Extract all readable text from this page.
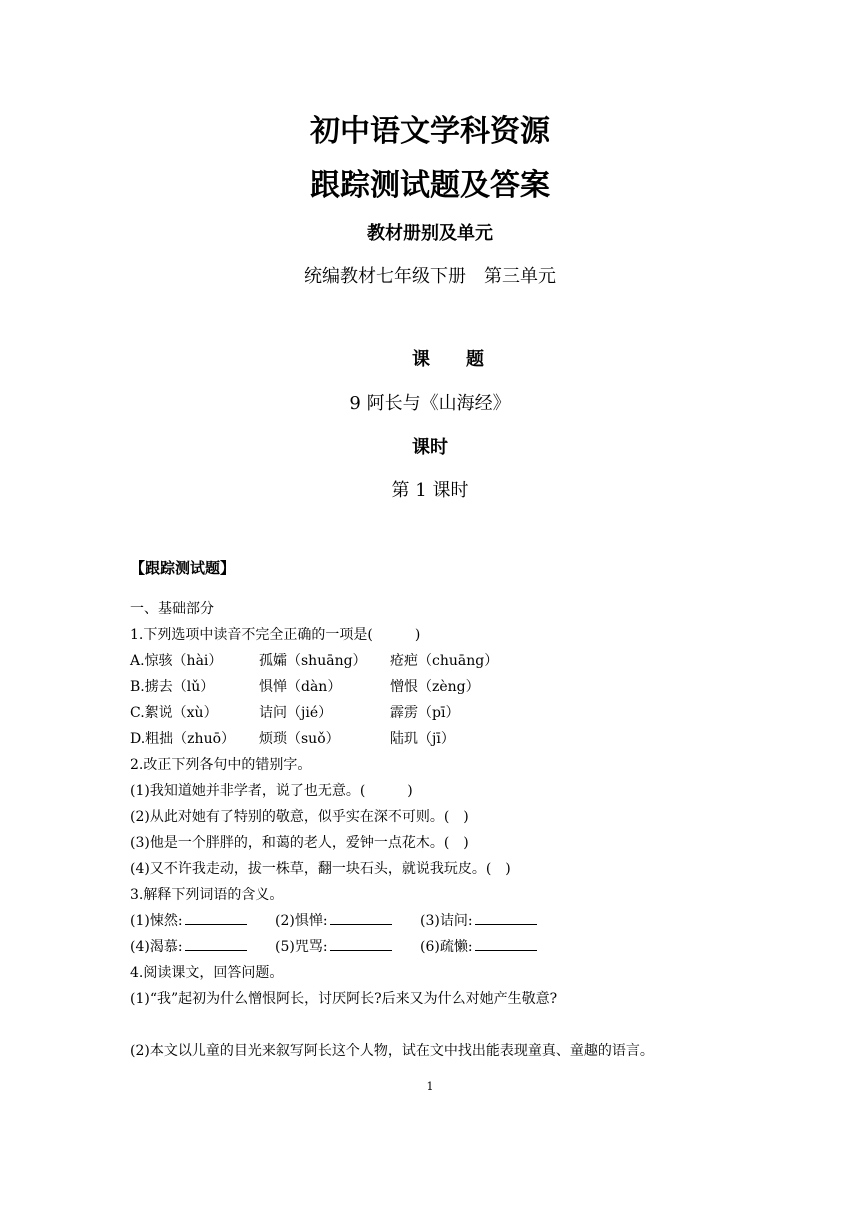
初中语文学科资源
跟踪测试题及答案
教材册别及单元
统编教材七年级下册　第三单元
课题
9 阿长与《山海经》
课时
第 1 课时
【跟踪测试题】
一、基础部分
1.下列选项中读音不完全正确的一项是(　　　)
A.惊骇（hài）	孤孀（shuāng） 疮疤（chuāng）
B.掳去（lǔ）	惧惮（dàn）	憎恨（zèng）
C.絮说（xù）	诘问（jié）	霹雳（pī）
D.粗拙（zhuō） 烦琐（suǒ）	陆玑（jī）
2.改正下列各句中的错别字。
(1)我知道她并非学者，说了也无意。(　　　)
(2)从此对她有了特别的敬意，似乎实在深不可则。(　)
(3)他是一个胖胖的，和蔼的老人，爱钟一点花木。(　)
(4)又不许我走动，拔一株草，翻一块石头，就说我玩皮。(　)
3.解释下列词语的含义。
(1)悚然:	(2)惧惮:	(3)诘问:
(4)渴慕:	(5)咒骂:	(6)疏懒:
4.阅读课文，回答问题。
(1)“我”起初为什么憎恨阿长，讨厌阿长?后来又为什么对她产生敬意?
(2)本文以儿童的目光来叙写阿长这个人物，试在文中找出能表现童真、童趣的语言。
1
